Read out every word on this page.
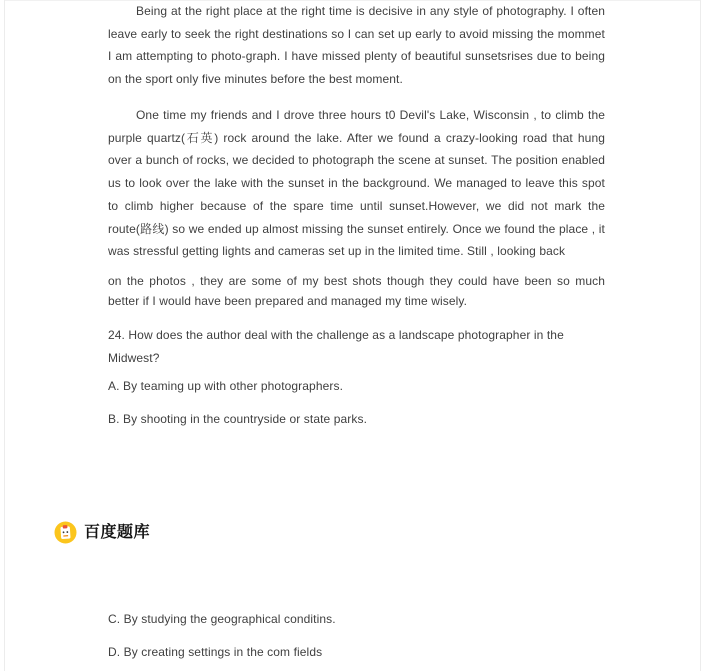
Being at the right place at the right time is decisive in any style of photography. I often leave early to seek the right destinations so I can set up early to avoid missing the mommet I am attempting to photo-graph. I have missed plenty of beautiful sunsetsrises due to being on the sport only five minutes before the best moment.
One time my friends and I drove three hours t0 Devil's Lake, Wisconsin , to climb the purple quartz(石英) rock around the lake. After we found a crazy-looking road that hung over a bunch of rocks, we decided to photograph the scene at sunset. The position enabled us to look over the lake with the sunset in the background. We managed to leave this spot to climb higher because of the spare time until sunset.However, we did not mark the route(路线) so we ended up almost missing the sunset entirely. Once we found the place , it was stressful getting lights and cameras set up in the limited time. Still , looking back
on the photos , they are some of my best shots though they could have been so much better if I would have been prepared and managed my time wisely.
24. How does the author deal with the challenge as a landscape photographer in the Midwest?
A. By teaming up with other photographers.
B. By shooting in the countryside or state parks.
百度题库
C. By studying the geographical conditins.
D. By creating settings in the com fields
